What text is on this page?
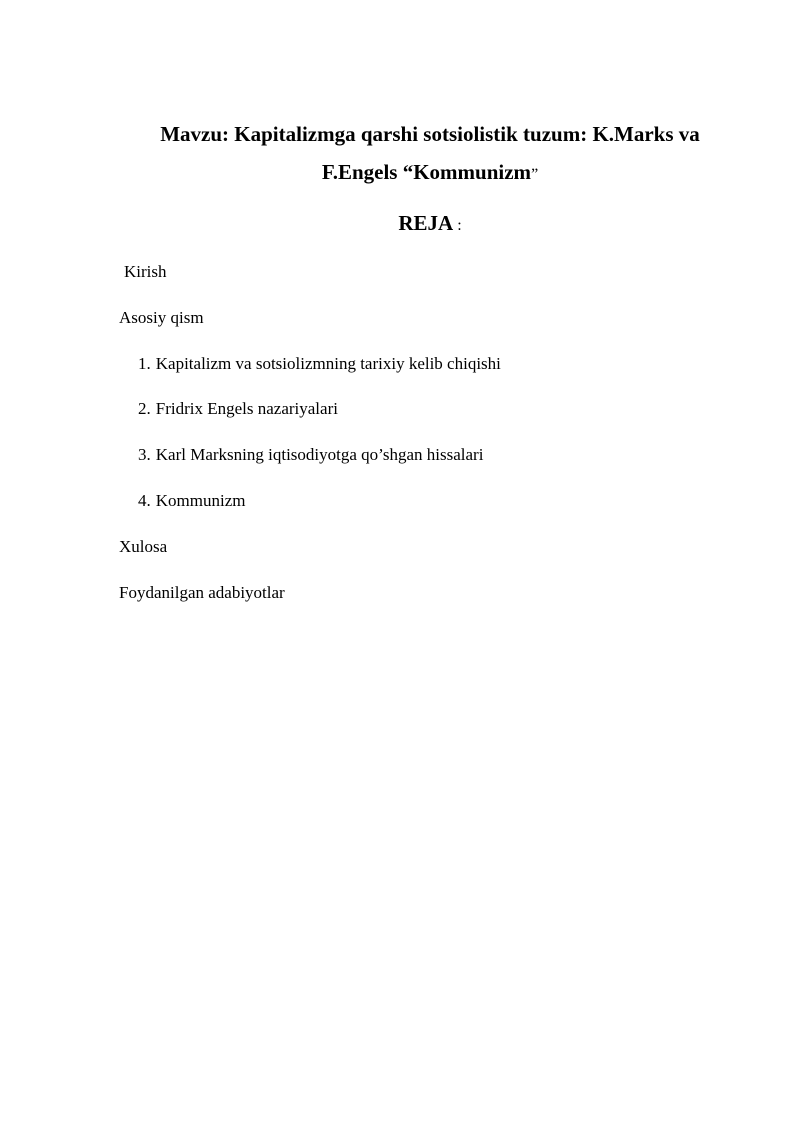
Mavzu: Kapitalizmga qarshi sotsiolistik tuzum: K.Marks va
F.Engels “Kommunizm”
REJA :
Kirish
Asosiy qism
1. Kapitalizm va sotsiolizmning tarixiy kelib chiqishi
2. Fridrix Engels nazariyalari
3. Karl Marksning iqtisodiyotga qo’shgan hissalari
4. Kommunizm
Xulosa
Foydanilgan adabiyotlar
